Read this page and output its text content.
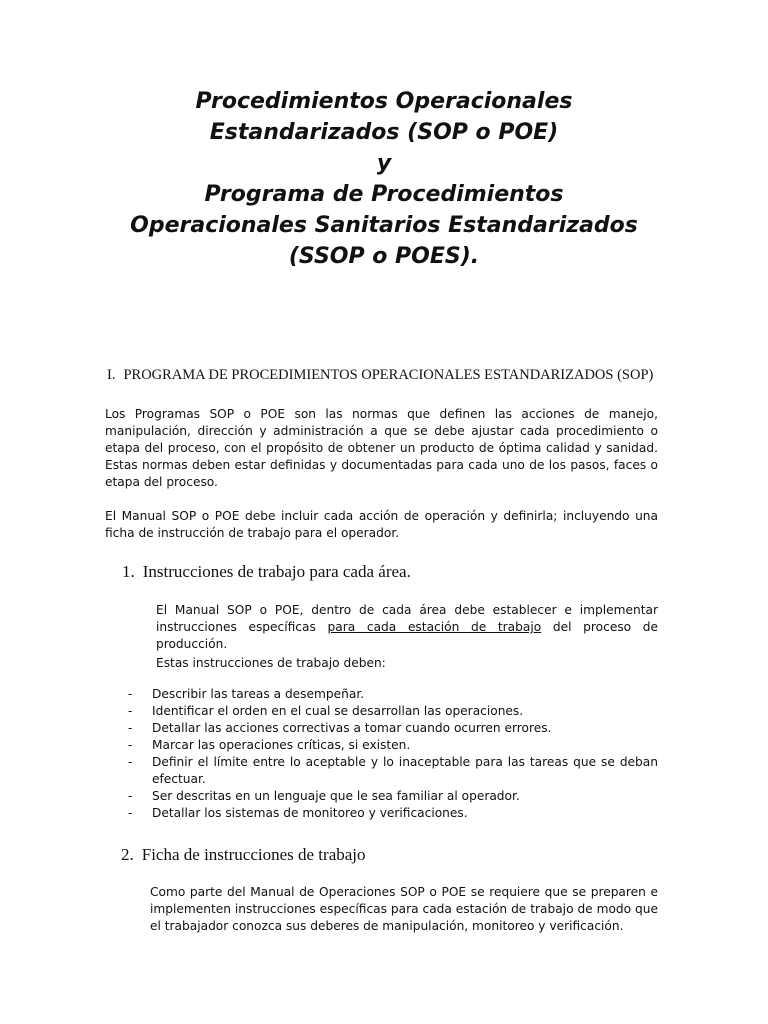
Procedimientos Operacionales
Estandarizados (SOP o POE)
y
Programa de Procedimientos
Operacionales Sanitarios Estandarizados
(SSOP o POES).
I. PROGRAMA DE PROCEDIMIENTOS OPERACIONALES ESTANDARIZADOS (SOP)
Los Programas SOP o POE son las normas que definen las acciones de manejo, manipulación, dirección y administración a que se debe ajustar cada procedimiento o etapa del proceso, con el propósito de obtener un producto de óptima calidad y sanidad. Estas normas deben estar definidas y documentadas para cada uno de los pasos, faces o etapa del proceso.
El Manual SOP o POE debe incluir cada acción de operación y definirla; incluyendo una ficha de instrucción de trabajo para el operador.
1. Instrucciones de trabajo para cada área.
El Manual SOP o POE, dentro de cada área debe establecer e implementar instrucciones específicas para cada estación de trabajo del proceso de producción.
Estas instrucciones de trabajo deben:
- Describir las tareas a desempeñar.
- Identificar el orden en el cual se desarrollan las operaciones.
- Detallar las acciones correctivas a tomar cuando ocurren errores.
- Marcar las operaciones críticas, si existen.
- Definir el límite entre lo aceptable y lo inaceptable para las tareas que se deban efectuar.
- Ser descritas en un lenguaje que le sea familiar al operador.
- Detallar los sistemas de monitoreo y verificaciones.
2. Ficha de instrucciones de trabajo
Como parte del Manual de Operaciones SOP o POE se requiere que se preparen e implementen instrucciones específicas para cada estación de trabajo de modo que el trabajador conozca sus deberes de manipulación, monitoreo y verificación.
